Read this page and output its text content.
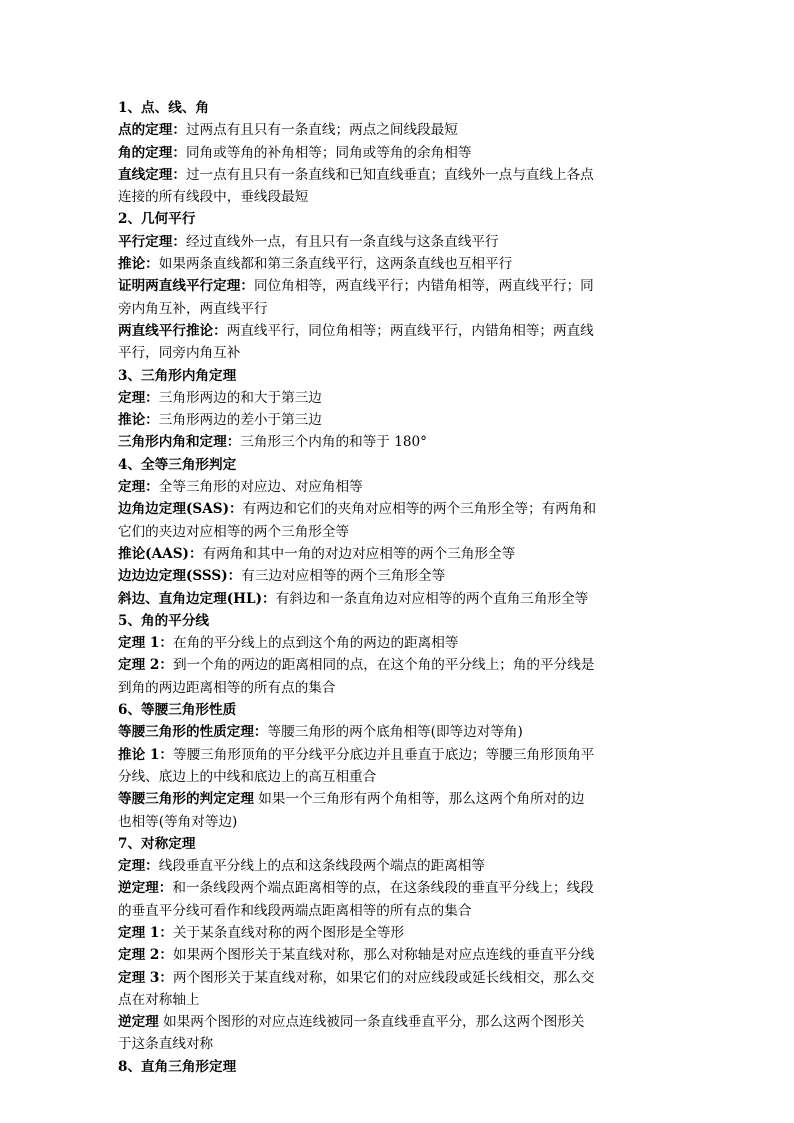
1、点、线、角
点的定理：过两点有且只有一条直线；两点之间线段最短
角的定理：同角或等角的补角相等；同角或等角的余角相等
直线定理：过一点有且只有一条直线和已知直线垂直；直线外一点与直线上各点
连接的所有线段中，垂线段最短
2、几何平行
平行定理：经过直线外一点，有且只有一条直线与这条直线平行
推论：如果两条直线都和第三条直线平行，这两条直线也互相平行
证明两直线平行定理：同位角相等，两直线平行；内错角相等，两直线平行；同
旁内角互补，两直线平行
两直线平行推论：两直线平行，同位角相等；两直线平行，内错角相等；两直线
平行，同旁内角互补
3、三角形内角定理
定理：三角形两边的和大于第三边
推论：三角形两边的差小于第三边
三角形内角和定理：三角形三个内角的和等于 180°
4、全等三角形判定
定理：全等三角形的对应边、对应角相等
边角边定理(SAS)：有两边和它们的夹角对应相等的两个三角形全等；有两角和
它们的夹边对应相等的两个三角形全等
推论(AAS)：有两角和其中一角的对边对应相等的两个三角形全等
边边边定理(SSS)：有三边对应相等的两个三角形全等
斜边、直角边定理(HL)：有斜边和一条直角边对应相等的两个直角三角形全等
5、角的平分线
定理 1：在角的平分线上的点到这个角的两边的距离相等
定理 2：到一个角的两边的距离相同的点，在这个角的平分线上；角的平分线是
到角的两边距离相等的所有点的集合
6、等腰三角形性质
等腰三角形的性质定理：等腰三角形的两个底角相等(即等边对等角)
推论 1：等腰三角形顶角的平分线平分底边并且垂直于底边；等腰三角形顶角平
分线、底边上的中线和底边上的高互相重合
等腰三角形的判定定理 如果一个三角形有两个角相等，那么这两个角所对的边
也相等(等角对等边)
7、对称定理
定理：线段垂直平分线上的点和这条线段两个端点的距离相等
逆定理：和一条线段两个端点距离相等的点，在这条线段的垂直平分线上；线段
的垂直平分线可看作和线段两端点距离相等的所有点的集合
定理 1：关于某条直线对称的两个图形是全等形
定理 2：如果两个图形关于某直线对称，那么对称轴是对应点连线的垂直平分线
定理 3：两个图形关于某直线对称，如果它们的对应线段或延长线相交，那么交
点在对称轴上
逆定理 如果两个图形的对应点连线被同一条直线垂直平分，那么这两个图形关
于这条直线对称
8、直角三角形定理
